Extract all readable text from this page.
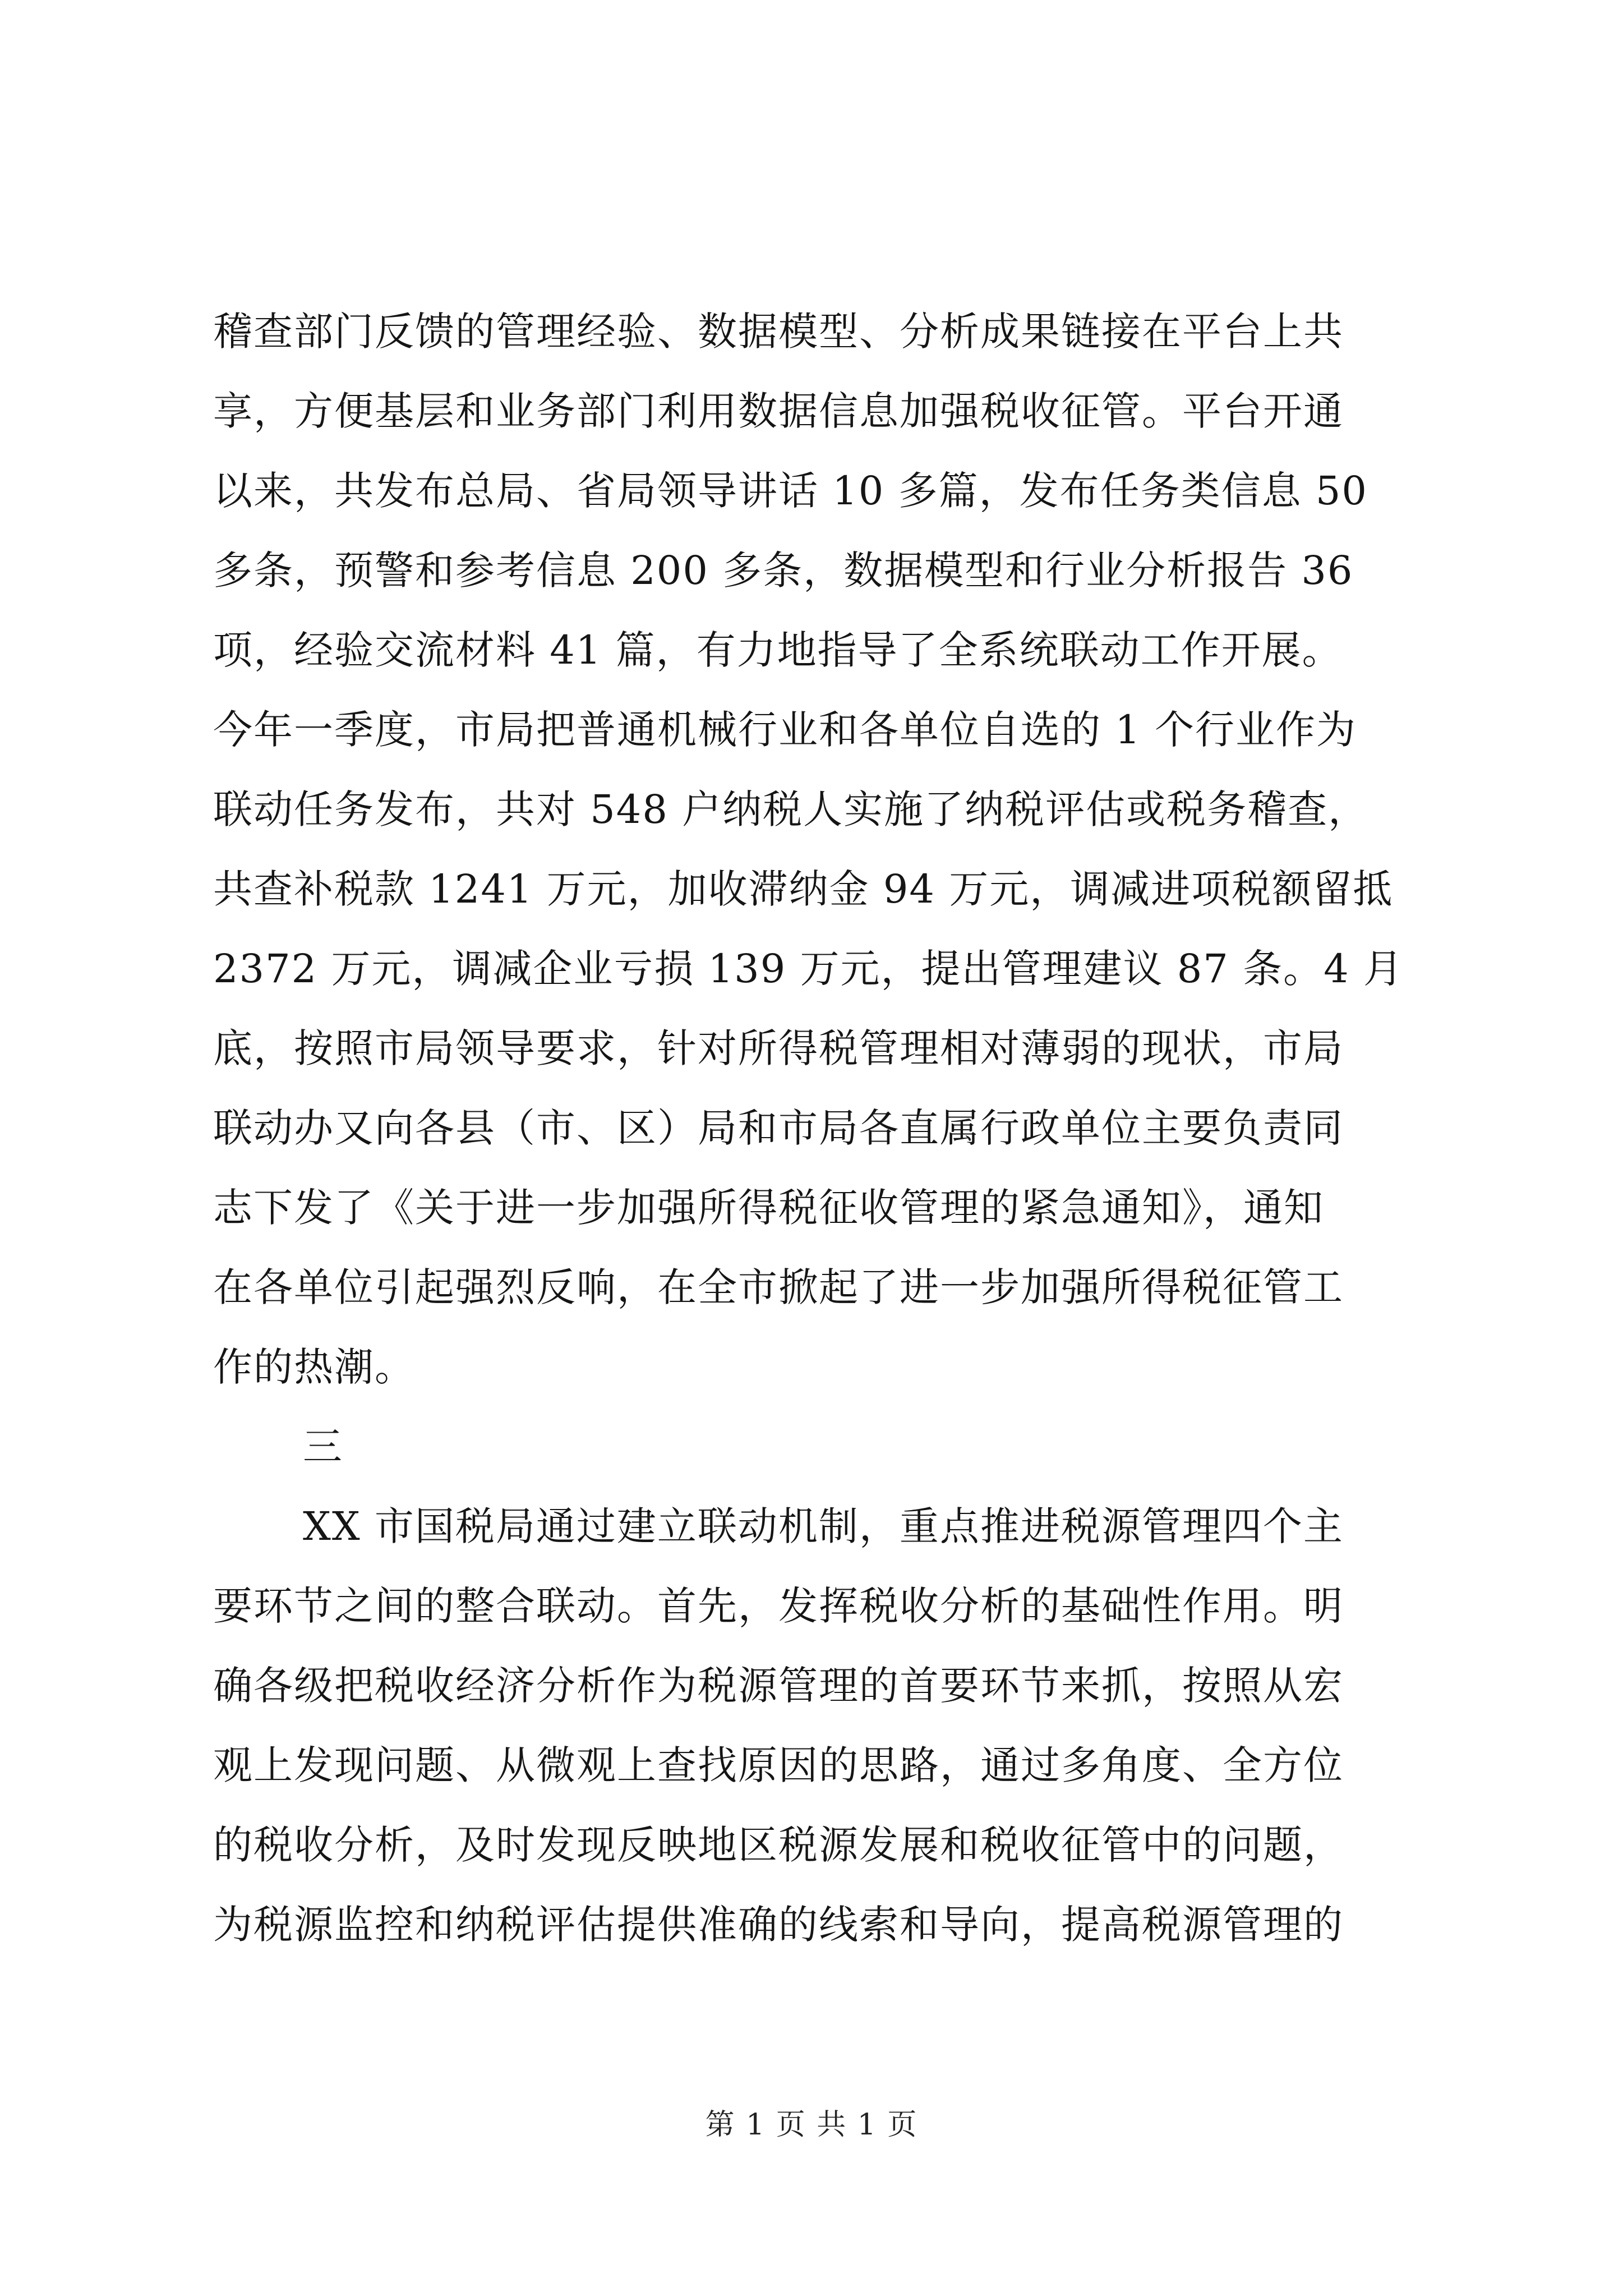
稽查部门反馈的管理经验、数据模型、分析成果链接在平台上共
享，方便基层和业务部门利用数据信息加强税收征管。平台开通
以来，共发布总局、省局领导讲话 10 多篇，发布任务类信息 50
多条，预警和参考信息 200 多条，数据模型和行业分析报告 36
项，经验交流材料 41 篇，有力地指导了全系统联动工作开展。
今年一季度，市局把普通机械行业和各单位自选的 1 个行业作为
联动任务发布，共对 548 户纳税人实施了纳税评估或税务稽查，
共查补税款 1241 万元，加收滞纳金 94 万元，调减进项税额留抵
2372 万元，调减企业亏损 139 万元，提出管理建议 87 条。4 月
底，按照市局领导要求，针对所得税管理相对薄弱的现状，市局
联动办又向各县（市、区）局和市局各直属行政单位主要负责同
志下发了《关于进一步加强所得税征收管理的紧急通知》，通知
在各单位引起强烈反响，在全市掀起了进一步加强所得税征管工
作的热潮。
三
XX 市国税局通过建立联动机制，重点推进税源管理四个主
要环节之间的整合联动。首先，发挥税收分析的基础性作用。明
确各级把税收经济分析作为税源管理的首要环节来抓，按照从宏
观上发现问题、从微观上查找原因的思路，通过多角度、全方位
的税收分析，及时发现反映地区税源发展和税收征管中的问题，
为税源监控和纳税评估提供准确的线索和导向，提高税源管理的
第 1 页 共 1 页
